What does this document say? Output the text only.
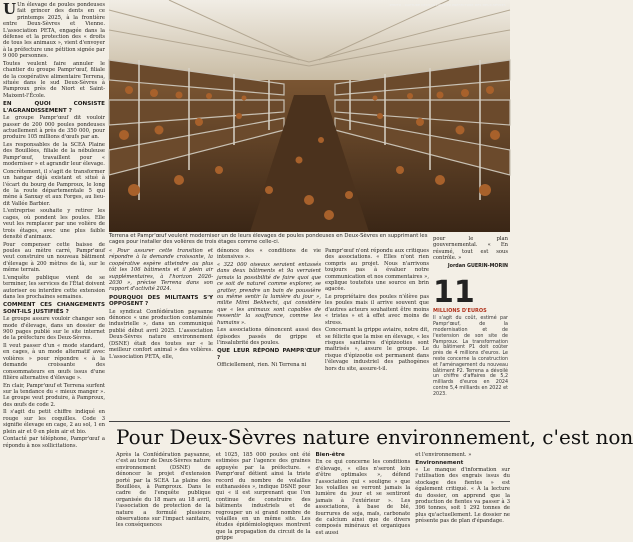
U Un élevage de poules pondeuses fait grincer des dents en ce printemps 2025, à la frontière entre Deux-Sèvres et Vienne. L'association PETA, engagée dans la défense et la protection des « droits de tous les animaux », vient d'envoyer à la préfecture une pétition signée par 9 000 personnes.

Toutes veulent faire annuler le chantier du groupe Pampr'œuf, filiale de la coopérative alimentaire Terrena, située dans le sud Deux-Sèvres à Pamproux près de Niort et Saint-Maixent-l'École.

EN QUOI CONSISTE L'AGRANDISSEMENT ?

Le groupe Pampr'œuf dit vouloir passer de 200 000 poules pondeuses actuellement à près de 350 000, pour produire 105 millions d'œufs par an.

Les responsables de la SCEA Plaine des Bouillées, filiale de la nébuleuse Pampr'œuf, travaillent pour « moderniser » et agrandir leur élevage.

Concrètement, il s'agit de transformer un hangar déjà existant et situé à l'écart du bourg de Pamproux, le long de la route départementale 5 qui mène à Sanxay et aux Forges, au lieu-dit Vallée Barbier.

L'entreprise souhaite y retirer les cages, où pondent les poules. Elle veut les remplacer par une volière de trois étages, avec une plus faible densité d'animaux.

Pour compenser cette baisse de poules au mètre carré, Pampr'œuf veut construire un nouveau bâtiment d'élevage à 200 mètres de là, sur le même terrain.

L'enquête publique vient de se terminer, les services de l'État doivent autoriser ou interdire cette extension dans les prochaines semaines.

COMMENT CES CHANGEMENTS SONT-ILS JUSTIFIÉS ?

Le groupe assure vouloir changer son mode d'élevage, dans un dossier de 900 pages publié sur le site internet de la préfecture des Deux-Sèvres.

Il veut passer d'un « mode standard, en cages, à un mode alternatif avec volières » pour répondre « à la demande croissante des consommateurs en œufs issus d'une filière alternative d'élevage ».

En clair, Pampr'œuf et Terrena surfent sur la tendance du « mieux manger ». Le groupe veut produire, à Pamproux, des œufs de code 2.

Il s'agit du petit chiffre indiqué en rouge sur les coquilles. Code 3 signifie élevage en cage, 2 au sol, 1 en plein air et 0 en plein air et bio.

Contacté par téléphone, Pampr'œuf a répondu à nos sollicitations.

PHOTO : CAPTURE DÉCRAN DOSSIER PRÉFECTURE DES DEUX-SÈVRES
Terrena et Pampr'œuf veulent moderniser un de leurs élevages de poules pondeuses en Deux-Sèvres en supprimant les cages pour installer des volières de trois étages comme celle-ci.

« Pour assurer cette transition et répondre à la demande croissante, la coopérative espère atteindre au plus tôt les 106 bâtiments et il plein air supplémentaires, à l'horizon 2026-2030 », précise Terrena dans son rapport d'activité 2024.

POURQUOI DES MILITANTS S'Y OPPOSENT ?

Le syndicat Confédération paysanne dénonce « une production contaminée industrielle », dans un communiqué publié début avril 2025. L'association Deux-Sèvres nature environnement (DSNE) était des toutes sur « le meilleur confort animal » des volières. L'association PETA, elle,

dénonce des « conditions de vie intensives ».

« 322 000 oiseaux seraient entassés dans deux bâtiments et 9a verraient jamais la possibilité de faire quoi que ce soit de naturel comme explorer, se gratter, prendre un bain de poussière ou même sentir la lumière du jour », milite Mimi Bekhechi, qui considère que « les animaux sont capables de ressentir la souffrance, comme les humains ».

Les associations dénoncent aussi des épisodes passés de grippe et l'insalubrité des poules.

QUE LEUR RÉPOND PAMPR'ŒUF ?

Officiellement, rien. Ni Terrena ni

Pampr'œuf n'ont répondu aux critiques des associations. « Elles n'ont rien compris au projet. Nous n'arrivons toujours pas à évaluer notre communication et nos commentaires », explique toutefois une source en brin agacée.

Le propriétaire des poules n'élève pas les poules mais il arrive souvent que d'autres acteurs souhaitent être moins « tristes » et à effet avec moins de stress.

Concernant la grippe aviaire, notre dit, se félicite que la mise en élevage, « les risques sanitaires d'épizooties sont maîtrisés », assure le groupe. Le risque d'épizootie est permanent dans l'élevage industriel des pathogènes hors du site, assure-t-il.

pour le plan gouvernemental. « En résumé, tout est sous contrôle. »

Jordan GUERIN-MORIN
11
MILLIONS D'EUROS
Il s'agit du coût, estimé par Pampr'œuf, de la modernisation et de l'extension de son site de Pamproux. La transformation du bâtiment P1 doit coûter près de 4 millions d'euros. Le reste concerne la construction et l'aménagement du nouveau bâtiment P2. Terrena a dévoilé un chiffre d'affaires de 5,2 milliards d'euros en 2024 contre 5,4 milliards en 2022 et 2023.
Pour Deux-Sèvres nature environnement, c'est non

Après la Confédération paysanne, c'est au tour de Deux-Sèvres nature environnement (DSNE) de dénoncer le projet d'extension porté par la SCEA La plaine des Bouillées, à Pamproux. Dans le cadre de l'enquête publique organisée du 18 mars au 18 avril, l'association de protection de la nature a formulé plusieurs observations sur l'impact sanitaire, les conséquences

et 1025, 185 000 poules ont été estimées par l'agence des graines appuyée par la préfecture. « Pampr'œuf détient ainsi la triste record du nombre de volailles euthanasiées », indique DSNE pour qui « il est surprenant que l'on continue de construire des bâtiments industriels et de regrouper un si grand nombre de volailles en un même site. Les études épidémiologiques montrent que la propagation du circuit de la grippe

Bien-être

En ce qui concerne les conditions d'élevage, « elles n'seront loin d'être optimales », défend l'association qui « souligne » que les volailles se verront jamais la lumière du jour et se sentiront jamais à l'extérieur ». Les associations, à base de blé, fourrures de soja, maïs, carbonate de calcium ainsi que de divers composés minéraux et organiques est aussi

et l'environnement. »

Environnement

« Le manque d'information sur l'utilisation des engrais issus du stockage des fientes » est également critiqué. « À la lecture du dossier, on apprend que la production de fientes va passer à 3 396 tonnes, soit 1 292 tonnes de plus qu'actuellement. Le dossier ne présente pas de plan d'épandage.
